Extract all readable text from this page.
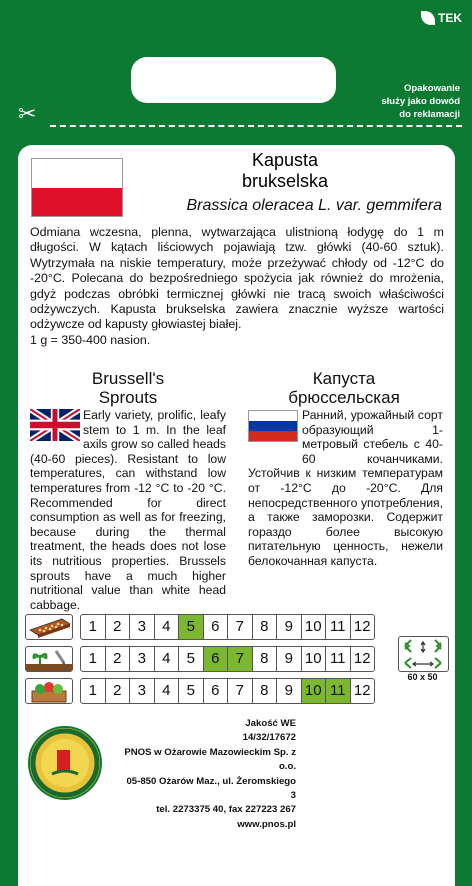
TEK
Opakowanie
służy jako dowód
do reklamacji
✂
Kapusta
brukselska
Brassica oleracea L. var. gemmifera
Odmiana wczesna, plenna, wytwarzająca ulistnioną łodygę do 1 m długości. W kątach liściowych pojawiają tzw. główki (40-60 sztuk). Wytrzymała na niskie temperatury, może przeżywać chłody od -12°C do -20°C. Polecana do bezpośredniego spożycia jak również do mrożenia, gdyż podczas obróbki termicznej główki nie tracą swoich właściwości odżywczych. Kapusta brukselska zawiera znacznie wyższe wartości odżywcze od kapusty głowiastej białej.
1 g = 350-400 nasion.
Brussell's
Sprouts
Капуста
брюссельская
Early variety, prolific, leafy stem to 1 m. In the leaf axils grow so called heads (40-60 pieces). Resistant to low temperatures, can withstand low temperatures from -12 °C to -20 °C. Recommended for direct consumption as well as for freezing, because during the thermal treatment, the heads does not lose its nutritious properties. Brussels sprouts have a much higher nutritional value than white head cabbage.
Ранний, урожайный сорт образующий 1-метровый стебель с 40-60 кочанчиками. Устойчив к низким температурам от -12°C до -20°C. Для непосредственного употребления, а также заморозки. Содержит гораздо более высокую питательную ценность, нежели белокочанная капуста.
1	2	3	4	5	6	7	8	9 10 11 12
1	2	3	4	5	6	7	8	9 10 11 12
1	2	3	4	5	6	7	8	9 10 11 12
60 x 50
Jakość WE
14/32/17672
PNOS w Ożarowie Mazowieckim Sp. z o.o.
05-850 Ożarów Maz., ul. Żeromskiego 3
tel. 2273375 40, fax 227223 267
www.pnos.pl
